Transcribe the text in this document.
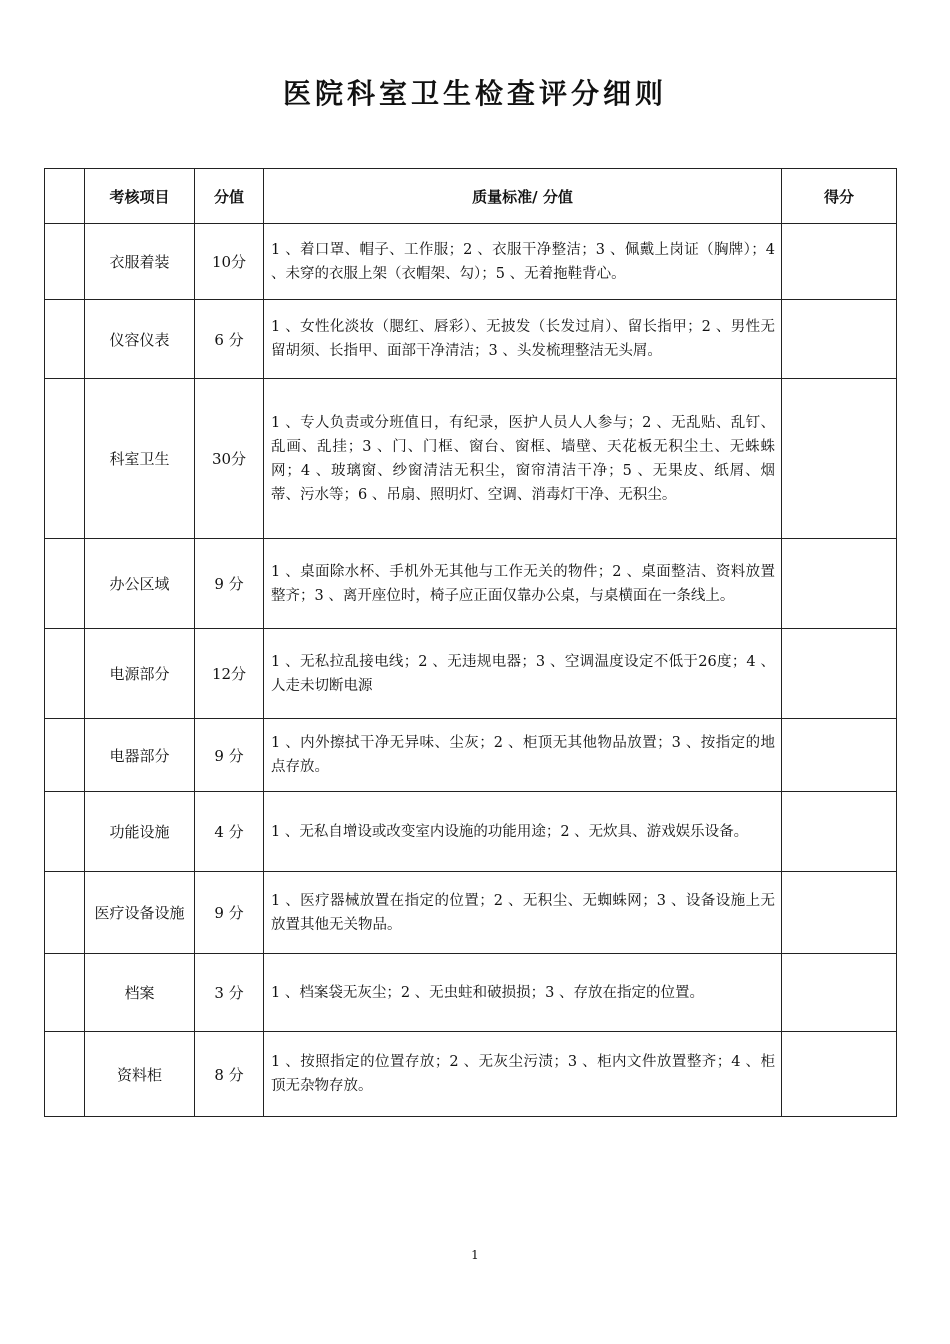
医院科室卫生检查评分细则
	考核项目	分值	质量标准/ 分值	得分
	衣服着装	10分	1 、着口罩、帽子、工作服；2 、衣服干净整洁；3 、佩戴上岗证（胸牌）；4 、未穿的衣服上架（衣帽架、勾）；5 、无着拖鞋背心。	
	仪容仪表	6 分	1 、女性化淡妆（腮红、唇彩）、无披发（长发过肩）、留长指甲；2 、男性无留胡须、长指甲、面部干净清洁；3 、头发梳理整洁无头屑。	
	科室卫生	30分	1 、专人负责或分班值日，有纪录，医护人员人人参与；2 、无乱贴、乱钉、乱画、乱挂；3 、门、门框、窗台、窗框、墙壁、天花板无积尘土、无蛛蛛网；4 、玻璃窗、纱窗清洁无积尘，窗帘清洁干净；5 、无果皮、纸屑、烟蒂、污水等；6 、吊扇、照明灯、空调、消毒灯干净、无积尘。	
	办公区域	9 分	1 、桌面除水杯、手机外无其他与工作无关的物件；2 、桌面整洁、资料放置整齐；3 、离开座位时，椅子应正面仅靠办公桌，与桌横面在一条线上。	
	电源部分	12分	1 、无私拉乱接电线；2 、无违规电器；3 、空调温度设定不低于26度；4 、人走未切断电源	
	电器部分	9 分	1 、内外擦拭干净无异味、尘灰；2 、柜顶无其他物品放置；3 、按指定的地点存放。	
	功能设施	4 分	1 、无私自增设或改变室内设施的功能用途；2 、无炊具、游戏娱乐设备。	
	医疗设备设施	9 分	1 、医疗器械放置在指定的位置；2 、无积尘、无蜘蛛网；3 、设备设施上无放置其他无关物品。	
	档案	3 分	1 、档案袋无灰尘；2 、无虫蛀和破损损；3 、存放在指定的位置。	
	资料柜	8 分	1 、按照指定的位置存放；2 、无灰尘污渍；3 、柜内文件放置整齐；4 、柜顶无杂物存放。	
1
